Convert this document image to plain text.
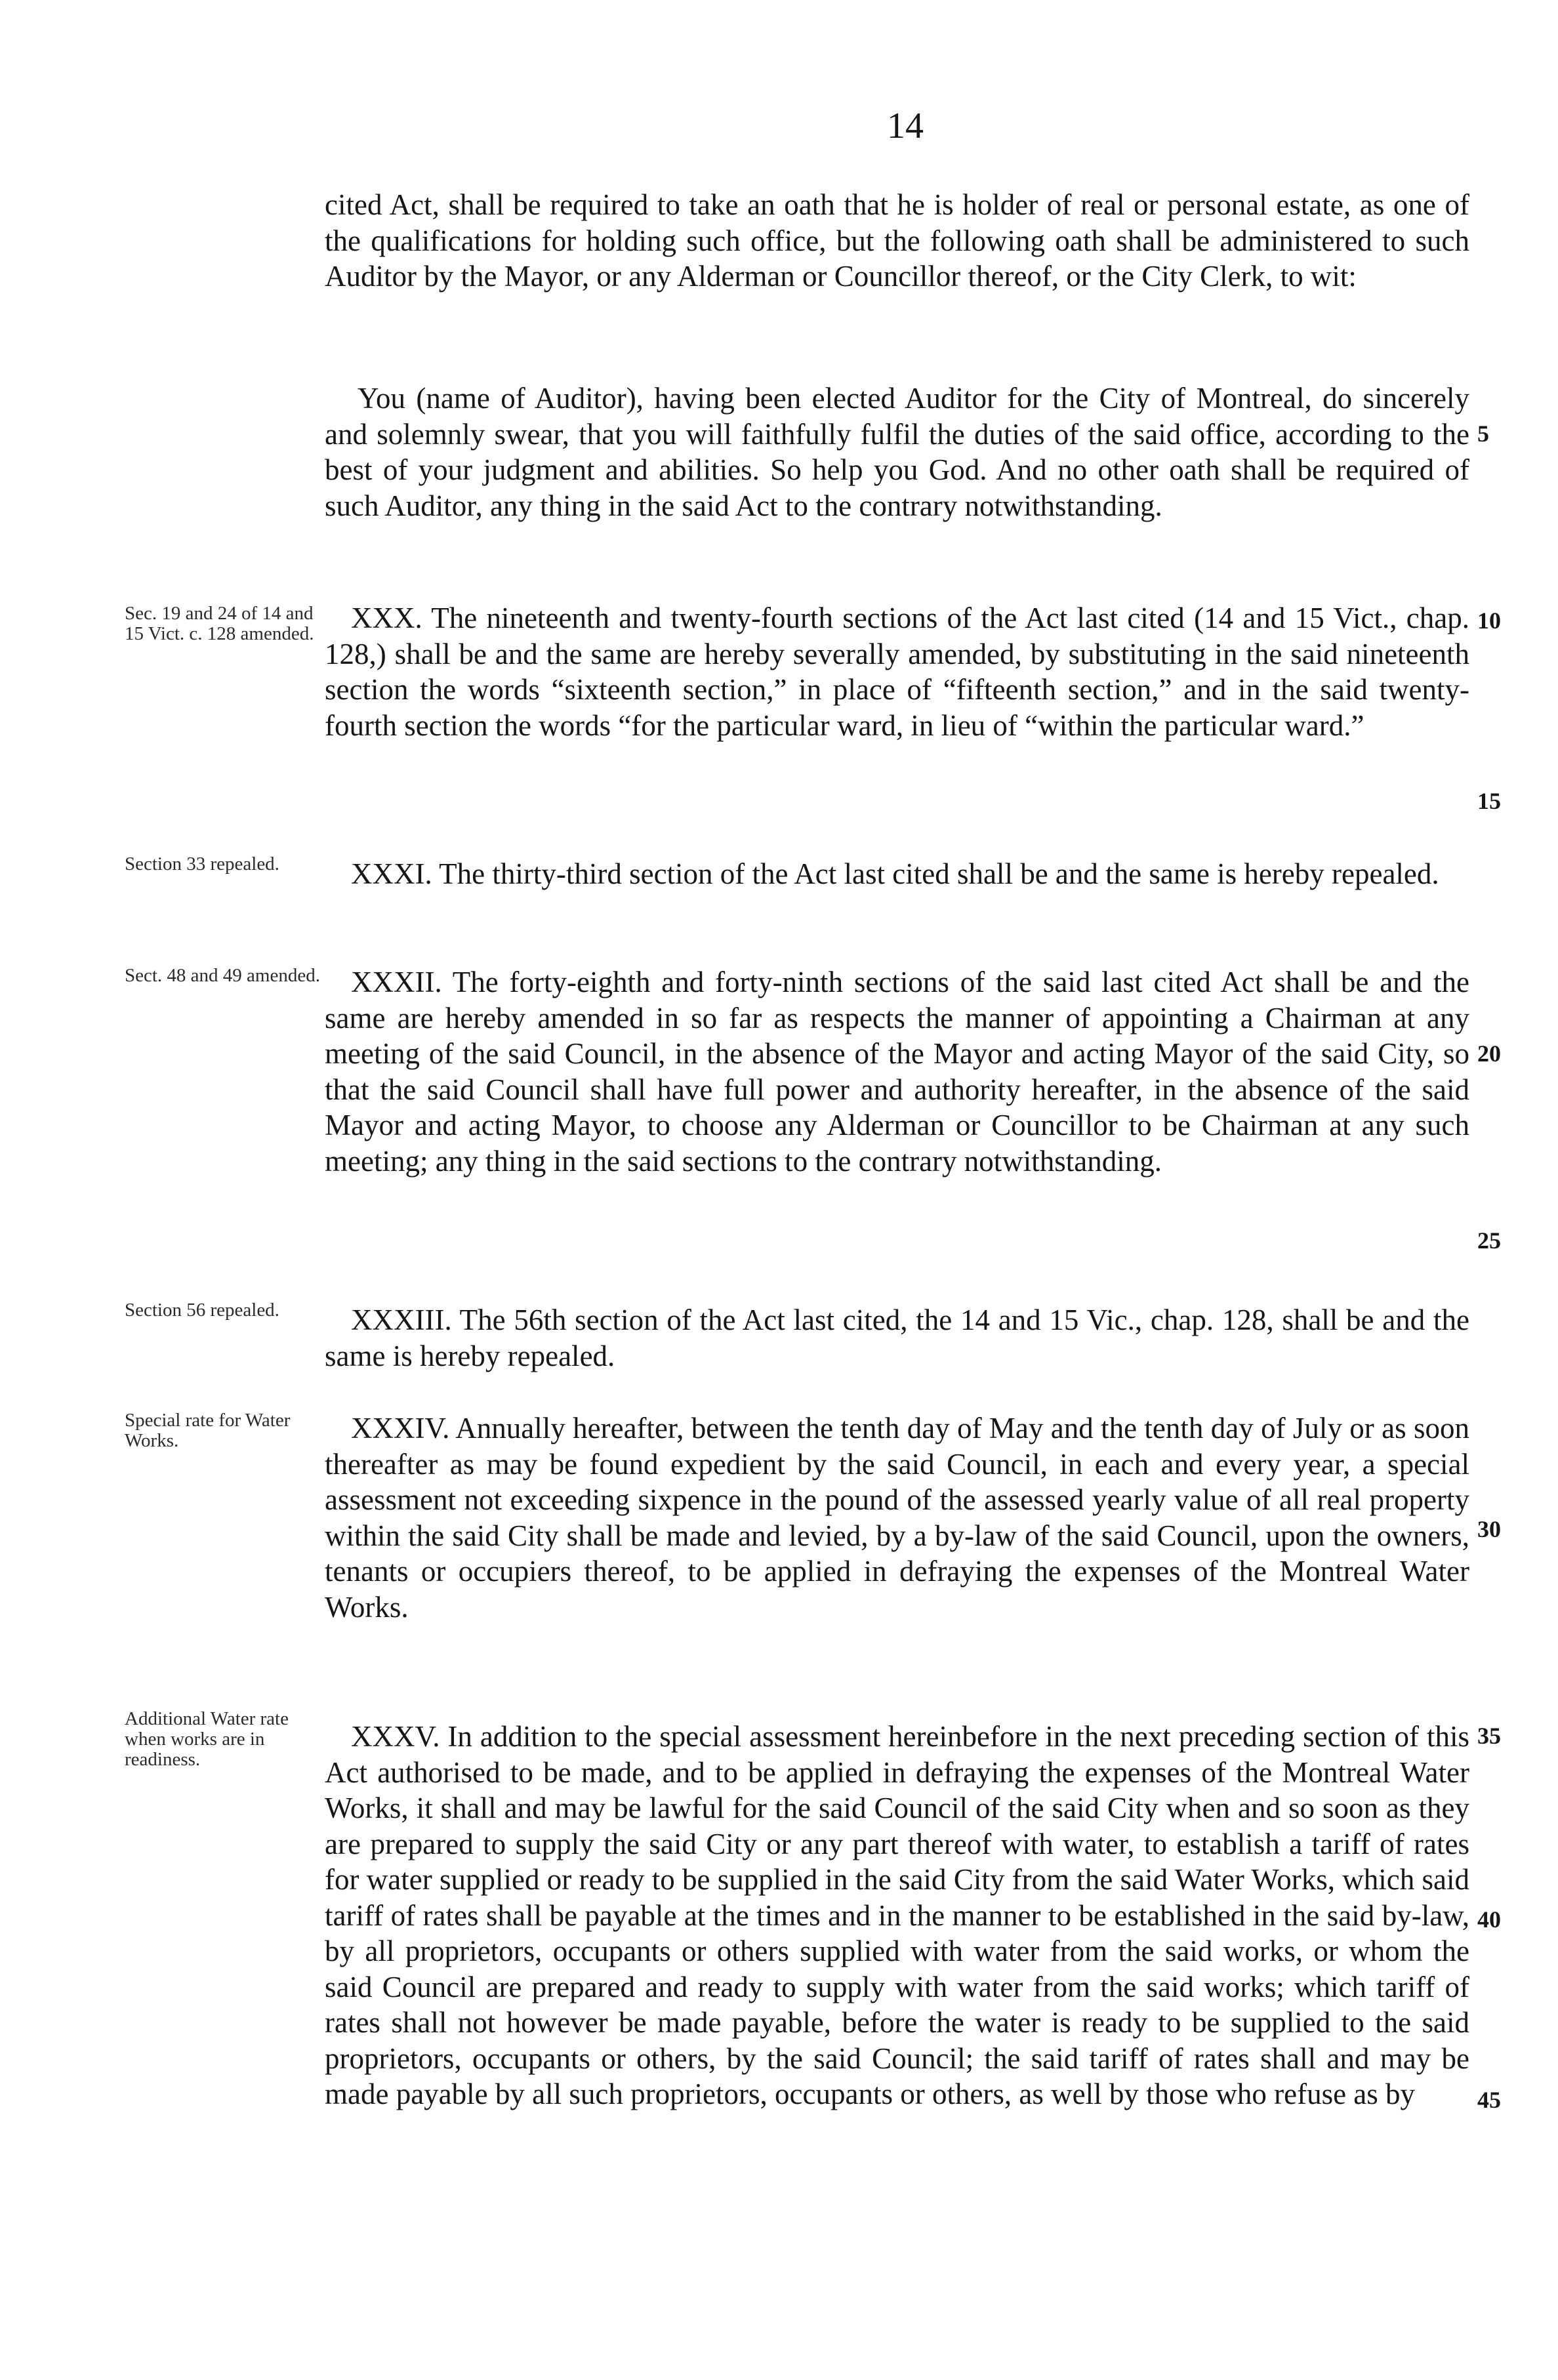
14
cited Act, shall be required to take an oath that he is holder of real or personal estate, as one of the qualifications for holding such office, but the following oath shall be administered to such Auditor by the Mayor, or any Alderman or Councillor thereof, or the City Clerk, to wit:
You (name of Auditor), having been elected Auditor for the City of Montreal, do sincerely and solemnly swear, that you will faithfully fulfil the duties of the said office, according to the best of your judgment and abilities. So help you God. And no other oath shall be required of such Auditor, any thing in the said Act to the contrary notwithstanding.
Sec. 19 and 24 of 14 and 15 Vict. c. 128 amended.	XXX. The nineteenth and twenty-fourth sections of the Act last cited (14 and 15 Vict., chap. 128,) shall be and the same are hereby severally amended, by substituting in the said nineteenth section the words “sixteenth section,” in place of “fifteenth section,” and in the said twenty-fourth section the words “for the particular ward, in lieu of “within the particular ward.”
Section 33 repealed.	XXXI. The thirty-third section of the Act last cited shall be and the same is hereby repealed.
Sect. 48 and 49 amended.	XXXII. The forty-eighth and forty-ninth sections of the said last cited Act shall be and the same are hereby amended in so far as respects the manner of appointing a Chairman at any meeting of the said Council, in the absence of the Mayor and acting Mayor of the said City, so that the said Council shall have full power and authority hereafter, in the absence of the said Mayor and acting Mayor, to choose any Alderman or Councillor to be Chairman at any such meeting; any thing in the said sections to the contrary notwithstanding.
Section 56 repealed.	XXXIII. The 56th section of the Act last cited, the 14 and 15 Vic., chap. 128, shall be and the same is hereby repealed.
Special rate for Water Works.	XXXIV. Annually hereafter, between the tenth day of May and the tenth day of July or as soon thereafter as may be found expedient by the said Council, in each and every year, a special assessment not exceeding sixpence in the pound of the assessed yearly value of all real property within the said City shall be made and levied, by a by-law of the said Council, upon the owners, tenants or occupiers thereof, to be applied in defraying the expenses of the Montreal Water Works.
Additional Water rate when works are in readiness.
XXXV. In addition to the special assessment hereinbefore in the next preceding section of this Act authorised to be made, and to be applied in defraying the expenses of the Montreal Water Works, it shall and may be lawful for the said Council of the said City when and so soon as they are prepared to supply the said City or any part thereof with water, to establish a tariff of rates for water supplied or ready to be supplied in the said City from the said Water Works, which said tariff of rates shall be payable at the times and in the manner to be established in the said by-law, by all proprietors, occupants or others supplied with water from the said works, or whom the said Council are prepared and ready to supply with water from the said works; which tariff of rates shall not however be made payable, before the water is ready to be supplied to the said proprietors, occupants or others, by the said Council; the said tariff of rates shall and may be made payable by all such proprietors, occupants or others, as well by those who refuse as by
5
10
15
20
25
30
35
40
45
